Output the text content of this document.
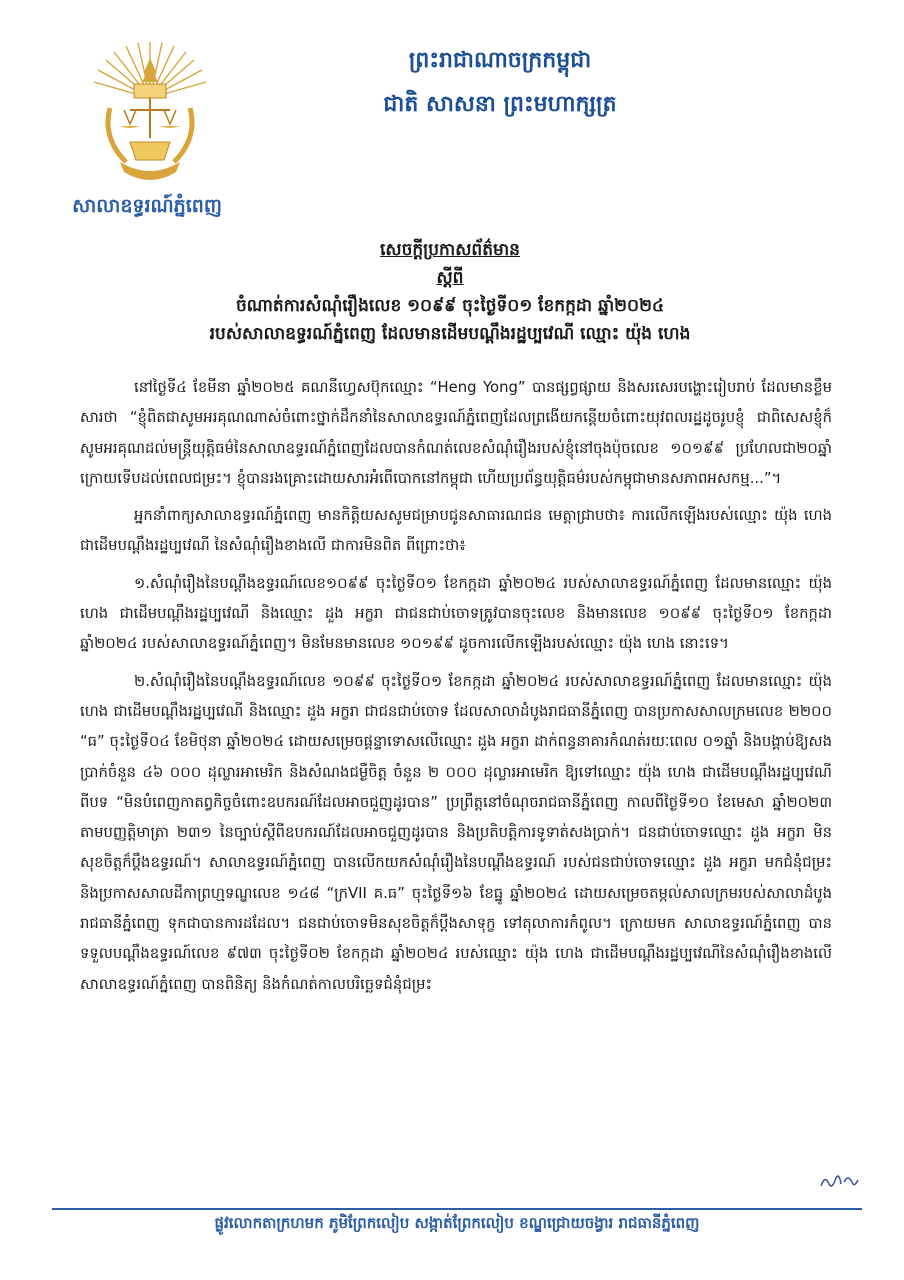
សាលាឧទ្ធរណ៍ភ្នំពេញ
ព្រះរាជាណាចក្រកម្ពុជា
ជាតិ សាសនា ព្រះមហាក្សត្រ
សេចក្តីប្រកាសព័ត៌មាន
ស្តីពី
ចំណាត់ការសំណុំរឿងលេខ ១០៩៩ ចុះថ្ងៃទី០១ ខែកក្កដា ឆ្នាំ២០២៤
របស់សាលាឧទ្ធរណ៍ភ្នំពេញ ដែលមានដើមបណ្តឹងរដ្ឋប្បវេណី ឈ្មោះ យ៉ុង ហេង

នៅថ្ងៃទី៤ ខែមីនា ឆ្នាំ២០២៥ គណនីហ្វេសប៊ុកឈ្មោះ “Heng Yong” បានផ្សព្វផ្សាយ និងសរសេរបង្ហោះរៀបរាប់ ដែលមានខ្លឹមសារថា “ខ្ញុំពិតជាសូមអរគុណណាស់ចំពោះថ្នាក់ដឹកនាំនៃសាលាឧទ្ធរណ៍ភ្នំពេញដែលព្រងើយកន្តើយចំពោះយុវពលរដ្ឋដូចរូបខ្ញុំ ជាពិសេសខ្ញុំក៏សូមអរគុណដល់មន្ត្រីយុត្តិធម៌នៃសាលាឧទ្ធរណ៍ភ្នំពេញដែលបានកំណត់លេខសំណុំរឿងរបស់ខ្ញុំនៅចុងប៉ុចលេខ ១០១៩៩ ប្រហែលជា២០ឆ្នាំក្រោយទើបដល់ពេលជម្រះ។ ខ្ញុំបានរងគ្រោះដោយសារអំពើបោកនៅកម្ពុជា ហើយប្រព័ន្ធយុត្តិធម៌របស់កម្ពុជាមានសភាពអសកម្ម...”។

អ្នកនាំពាក្យសាលាឧទ្ធរណ៍ភ្នំពេញ មានកិត្តិយសសូមជម្រាបជូនសាធារណជន មេត្តាជ្រាបថា៖ ការលើកឡើងរបស់ឈ្មោះ យ៉ុង ហេង ជាដើមបណ្តឹងរដ្ឋប្បវេណី នៃសំណុំរឿងខាងលើ ជាការមិនពិត ពីព្រោះថា៖

១.សំណុំរឿងនៃបណ្តឹងឧទ្ធរណ៍លេខ១០៩៩ ចុះថ្ងៃទី០១ ខែកក្កដា ឆ្នាំ២០២៤ របស់សាលាឧទ្ធរណ៍ភ្នំពេញ ដែលមានឈ្មោះ យ៉ុង ហេង ជាដើមបណ្តឹងរដ្ឋប្បវេណី និងឈ្មោះ ដួង អក្ខរា ជាជនជាប់ចោទត្រូវបានចុះលេខ និងមានលេខ ១០៩៩ ចុះថ្ងៃទី០១ ខែកក្កដា ឆ្នាំ២០២៤ របស់សាលាឧទ្ធរណ៍ភ្នំពេញ។ មិនមែនមានលេខ ១០១៩៩ ដូចការលើកឡើងរបស់ឈ្មោះ យ៉ុង ហេង នោះទេ។

២.សំណុំរឿងនៃបណ្តឹងឧទ្ធរណ៍លេខ ១០៩៩ ចុះថ្ងៃទី០១ ខែកក្កដា ឆ្នាំ២០២៤ របស់សាលាឧទ្ធរណ៍ភ្នំពេញ ដែលមានឈ្មោះ យ៉ុង ហេង ជាដើមបណ្តឹងរដ្ឋប្បវេណី និងឈ្មោះ ដួង អក្ខរា ជាជនជាប់ចោទ ដែលសាលាដំបូងរាជធានីភ្នំពេញ បានប្រកាសសាលក្រមលេខ ២២០០ “ធ” ចុះថ្ងៃទី០៤ ខែមិថុនា ឆ្នាំ២០២៤ ដោយសម្រេចផ្តន្ទាទោសលើឈ្មោះ ដួង អក្ខរា ដាក់ពន្ធនាគារកំណត់រយៈពេល ០១ឆ្នាំ និងបង្គាប់ឱ្យសងប្រាក់ចំនួន ៤៦ ០០០ ដុល្លារអាមេរិក និងសំណងជម្ងឺចិត្ត ចំនួន ២ ០០០ ដុល្លារអាមេរិក ឱ្យទៅឈ្មោះ យ៉ុង ហេង ជាដើមបណ្តឹងរដ្ឋប្បវេណី ពីបទ “មិនបំពេញកាតព្វកិច្ចចំពោះឧបករណ៍ដែលអាចជួញដូរបាន” ប្រព្រឹត្តនៅចំណុចរាជធានីភ្នំពេញ កាលពីថ្ងៃទី១០ ខែមេសា ឆ្នាំ២០២៣ តាមបញ្ញត្តិមាត្រា ២៣១ នៃច្បាប់ស្តីពីឧបករណ៍ដែលអាចជួញដូរបាន និងប្រតិបត្តិការទូទាត់សងប្រាក់។ ជនជាប់ចោទឈ្មោះ ដួង អក្ខរា មិនសុខចិត្តក៏ប្តឹងឧទ្ធរណ៍។ សាលាឧទ្ធរណ៍ភ្នំពេញ បានលើកយកសំណុំរឿងនៃបណ្តឹងឧទ្ធរណ៍ របស់ជនជាប់ចោទឈ្មោះ ដួង អក្ខរា មកជំនុំជម្រះ និងប្រកាសសាលដីកាព្រហ្មទណ្ឌលេខ ១៤៨ “ក្រVII គ.ធ” ចុះថ្ងៃទី១៦ ខែធ្នូ ឆ្នាំ២០២៤ ដោយសម្រេចតម្កល់សាលក្រមរបស់សាលាដំបូងរាជធានីភ្នំពេញ ទុកជាបានការដដែល។ ជនជាប់ចោទមិនសុខចិត្តក៏ប្តឹងសាទុក្ខ ទៅតុលាការកំពូល។ ក្រោយមក សាលាឧទ្ធរណ៍ភ្នំពេញ បានទទួលបណ្តឹងឧទ្ធរណ៍លេខ ៩៧៣ ចុះថ្ងៃទី០២ ខែកក្កដា ឆ្នាំ២០២៤ របស់ឈ្មោះ យ៉ុង ហេង ជាដើមបណ្តឹងរដ្ឋប្បវេណីនៃសំណុំរឿងខាងលើ សាលាឧទ្ធរណ៍ភ្នំពេញ បានពិនិត្យ និងកំណត់កាលបរិច្ឆេទជំនុំជម្រះ

ផ្លូវលោកតាក្រហមក ភូមិព្រែកលៀប សង្កាត់ព្រែកលៀប ខណ្ឌជ្រោយចង្វារ រាជធានីភ្នំពេញ
